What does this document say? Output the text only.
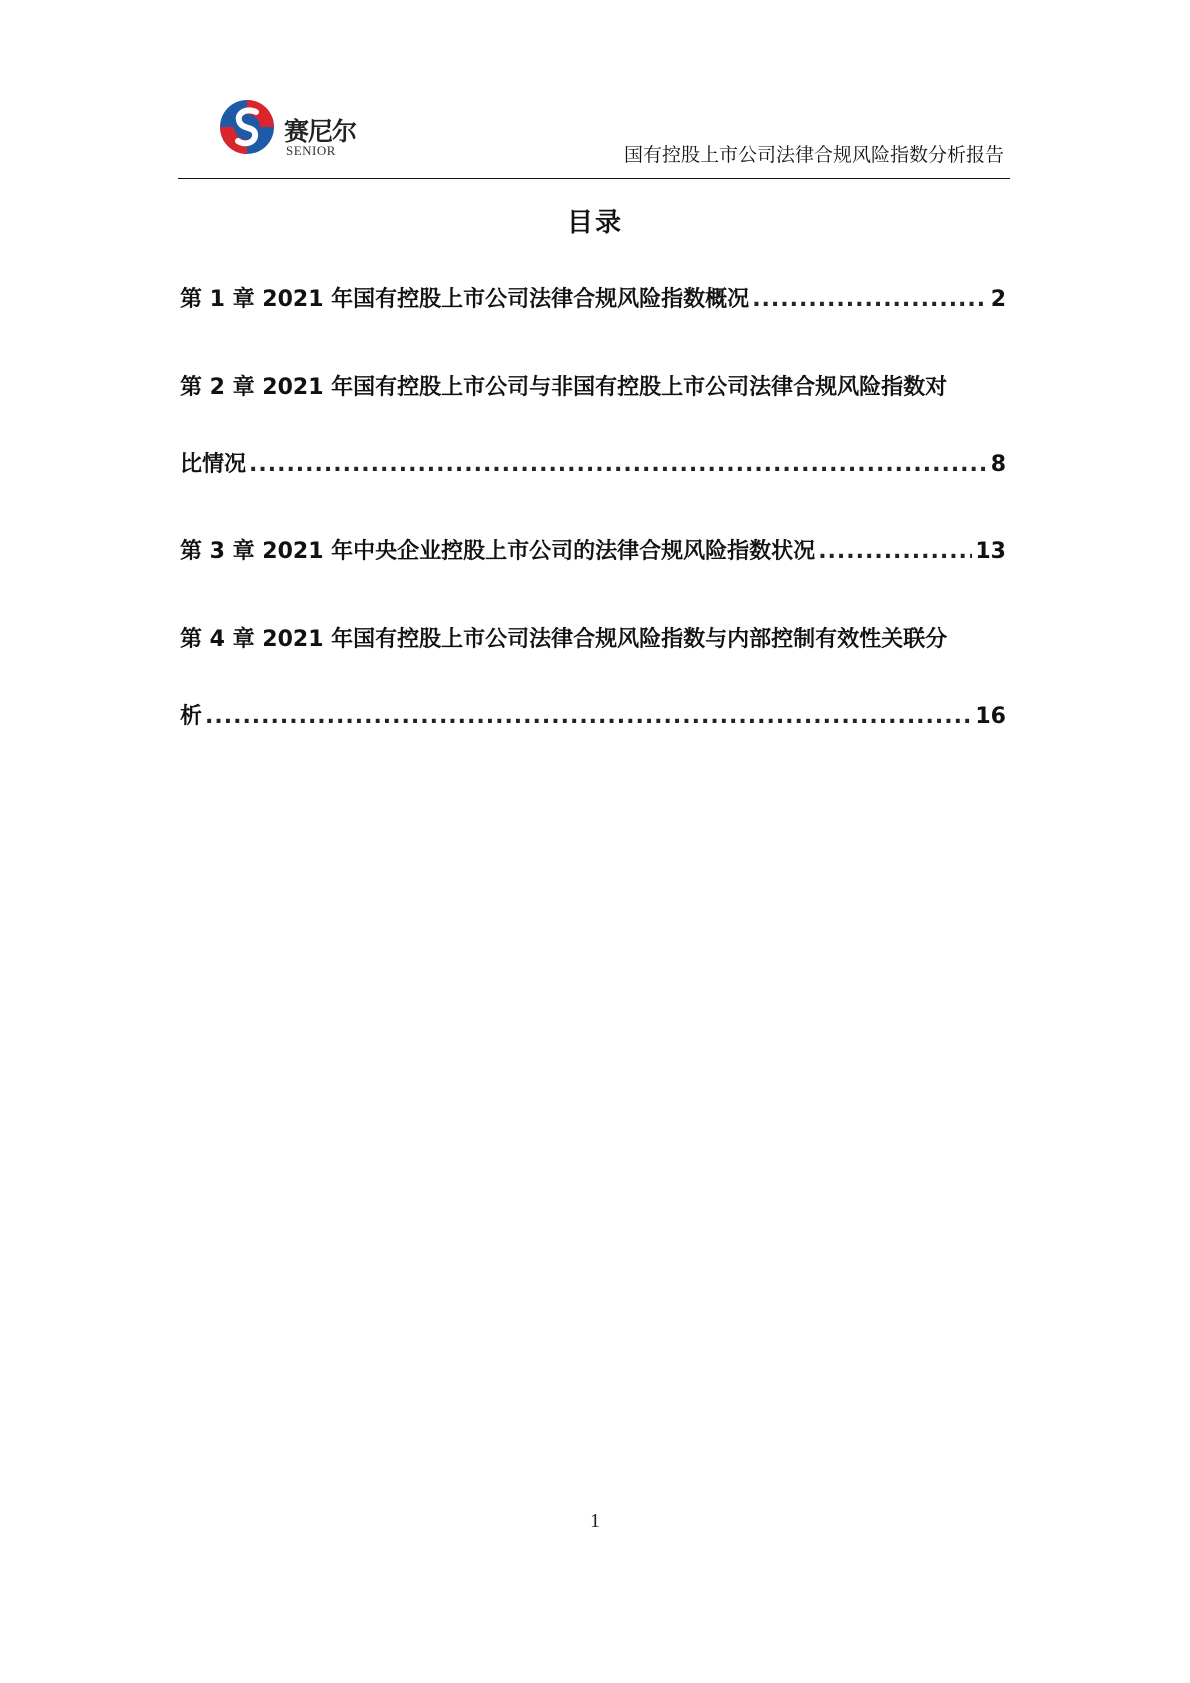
赛尼尔
SENIOR	国有控股上市公司法律合规风险指数分析报告
目录
第 1 章 2021 年国有控股上市公司法律合规风险指数概况 .....	2
第 2 章 2021 年国有控股上市公司与非国有控股上市公司法律合规风险指数对
比情况 .....	8
第 3 章 2021 年中央企业控股上市公司的法律合规风险指数状况 .....	13
第 4 章 2021 年国有控股上市公司法律合规风险指数与内部控制有效性关联分
析 .....	16
1
